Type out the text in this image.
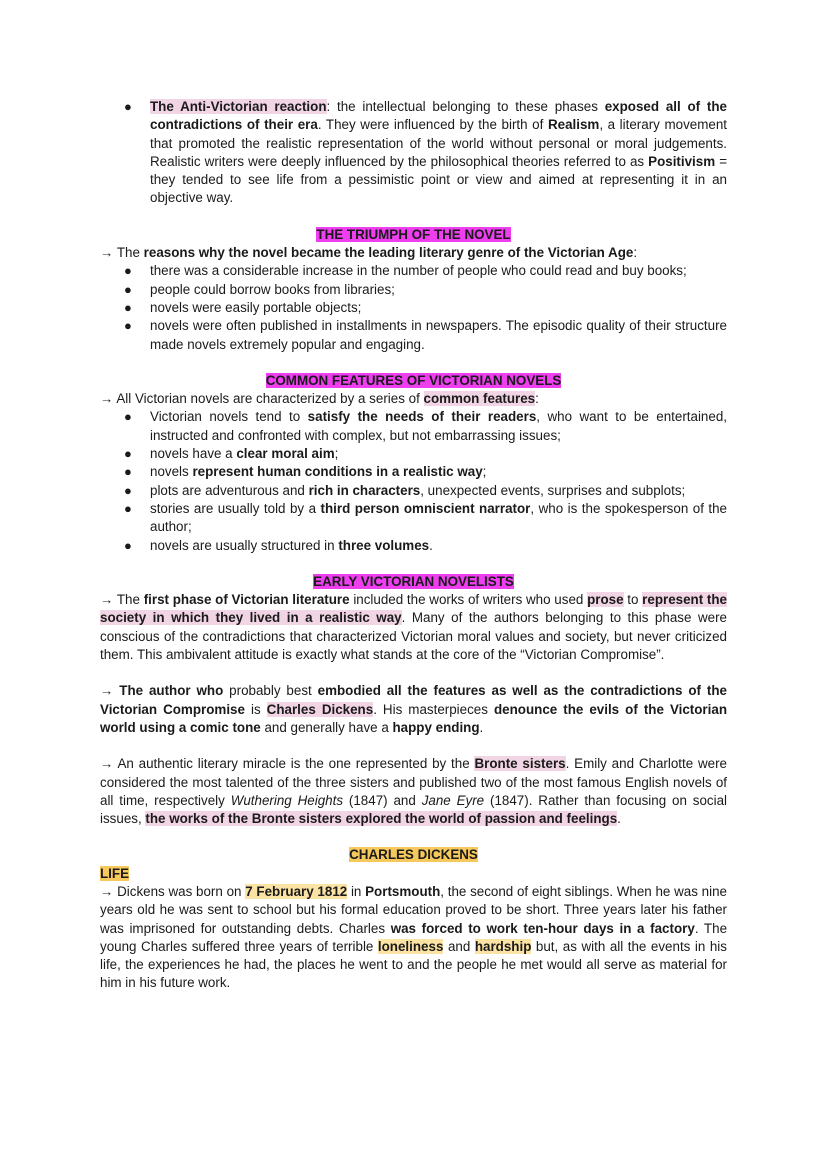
● The Anti-Victorian reaction: the intellectual belonging to these phases exposed all of the contradictions of their era. They were influenced by the birth of Realism, a literary movement that promoted the realistic representation of the world without personal or moral judgements. Realistic writers were deeply influenced by the philosophical theories referred to as Positivism = they tended to see life from a pessimistic point or view and aimed at representing it in an objective way.

THE TRIUMPH OF THE NOVEL

→ The reasons why the novel became the leading literary genre of the Victorian Age:

● there was a considerable increase in the number of people who could read and buy books;
● people could borrow books from libraries;
● novels were easily portable objects;
● novels were often published in installments in newspapers. The episodic quality of their structure made novels extremely popular and engaging.

COMMON FEATURES OF VICTORIAN NOVELS

→ All Victorian novels are characterized by a series of common features:

● Victorian novels tend to satisfy the needs of their readers, who want to be entertained, instructed and confronted with complex, but not embarrassing issues;
● novels have a clear moral aim;
● novels represent human conditions in a realistic way;
● plots are adventurous and rich in characters, unexpected events, surprises and subplots;
● stories are usually told by a third person omniscient narrator, who is the spokesperson of the author;
● novels are usually structured in three volumes.

EARLY VICTORIAN NOVELISTS

→ The first phase of Victorian literature included the works of writers who used prose to represent the society in which they lived in a realistic way. Many of the authors belonging to this phase were conscious of the contradictions that characterized Victorian moral values and society, but never criticized them. This ambivalent attitude is exactly what stands at the core of the “Victorian Compromise”.

→ The author who probably best embodied all the features as well as the contradictions of the Victorian Compromise is Charles Dickens. His masterpieces denounce the evils of the Victorian world using a comic tone and generally have a happy ending.

→ An authentic literary miracle is the one represented by the Bronte sisters. Emily and Charlotte were considered the most talented of the three sisters and published two of the most famous English novels of all time, respectively Wuthering Heights (1847) and Jane Eyre (1847). Rather than focusing on social issues, the works of the Bronte sisters explored the world of passion and feelings.

CHARLES DICKENS

LIFE

→ Dickens was born on 7 February 1812 in Portsmouth, the second of eight siblings. When he was nine years old he was sent to school but his formal education proved to be short. Three years later his father was imprisoned for outstanding debts. Charles was forced to work ten-hour days in a factory. The young Charles suffered three years of terrible loneliness and hardship but, as with all the events in his life, the experiences he had, the places he went to and the people he met would all serve as material for him in his future work.
